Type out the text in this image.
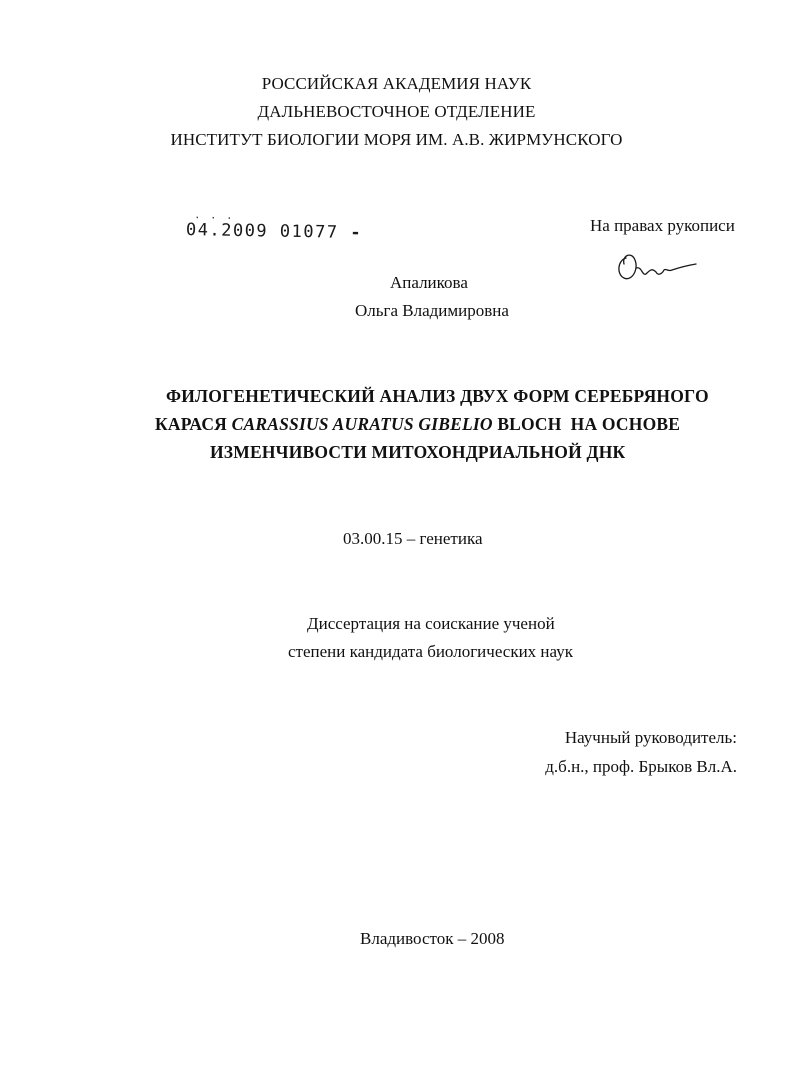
РОССИЙСКАЯ АКАДЕМИЯ НАУК
ДАЛЬНЕВОСТОЧНОЕ ОТДЕЛЕНИЕ
ИНСТИТУТ БИОЛОГИИ МОРЯ ИМ. А.В. ЖИРМУНСКОГО
. . .
04.2009 01077 -	На правах рукописи
Апаликова
Ольга Владимировна
ФИЛОГЕНЕТИЧЕСКИЙ АНАЛИЗ ДВУХ ФОРМ СЕРЕБРЯНОГО
КАРАСЯ CARASSIUS AURATUS GIBELIO BLOCH  НА ОСНОВЕ
ИЗМЕНЧИВОСТИ МИТОХОНДРИАЛЬНОЙ ДНК
03.00.15 – генетика
Диссертация на соискание ученой
степени кандидата биологических наук
Научный руководитель:
д.б.н., проф. Брыков Вл.А.
Владивосток – 2008
